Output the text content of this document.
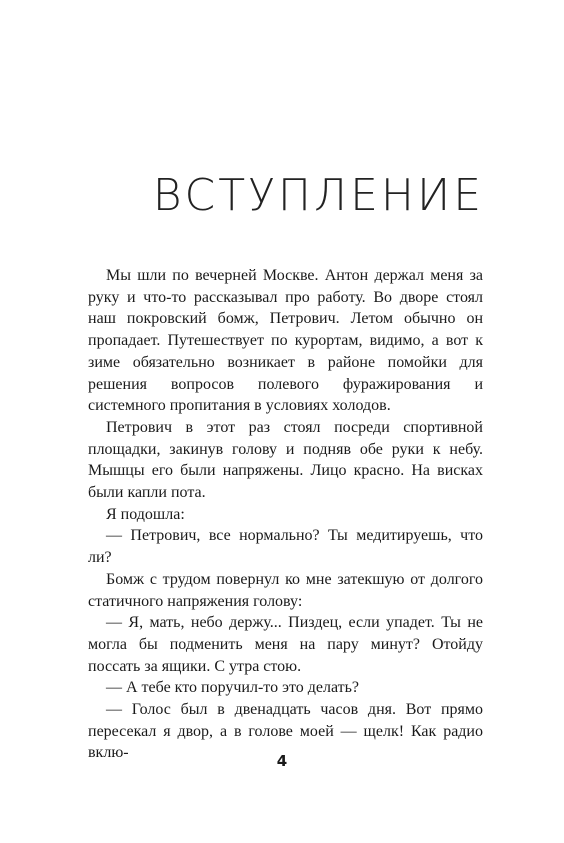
ВСТУПЛЕНИЕ

Мы шли по вечерней Москве. Антон держал меня за руку и что-то рассказывал про работу. Во дворе стоял наш покровский бомж, Петрович. Летом обычно он пропадает. Путешествует по курортам, видимо, а вот к зиме обязательно возникает в районе помойки для решения вопросов полевого фуражирования и системного пропитания в условиях холодов.

Петрович в этот раз стоял посреди спортивной площадки, закинув голову и подняв обе руки к небу. Мышцы его были напряжены. Лицо красно. На висках были капли пота.

Я подошла:

— Петрович, все нормально? Ты медитируешь, что ли?

Бомж с трудом повернул ко мне затекшую от долгого статичного напряжения голову:

— Я, мать, небо держу... Пиздец, если упадет. Ты не могла бы подменить меня на пару минут? Отойду поссать за ящики. С утра стою.

— А тебе кто поручил-то это делать?

— Голос был в двенадцать часов дня. Вот прямо пересекал я двор, а в голове моей — щелк! Как радио вклю-	4
